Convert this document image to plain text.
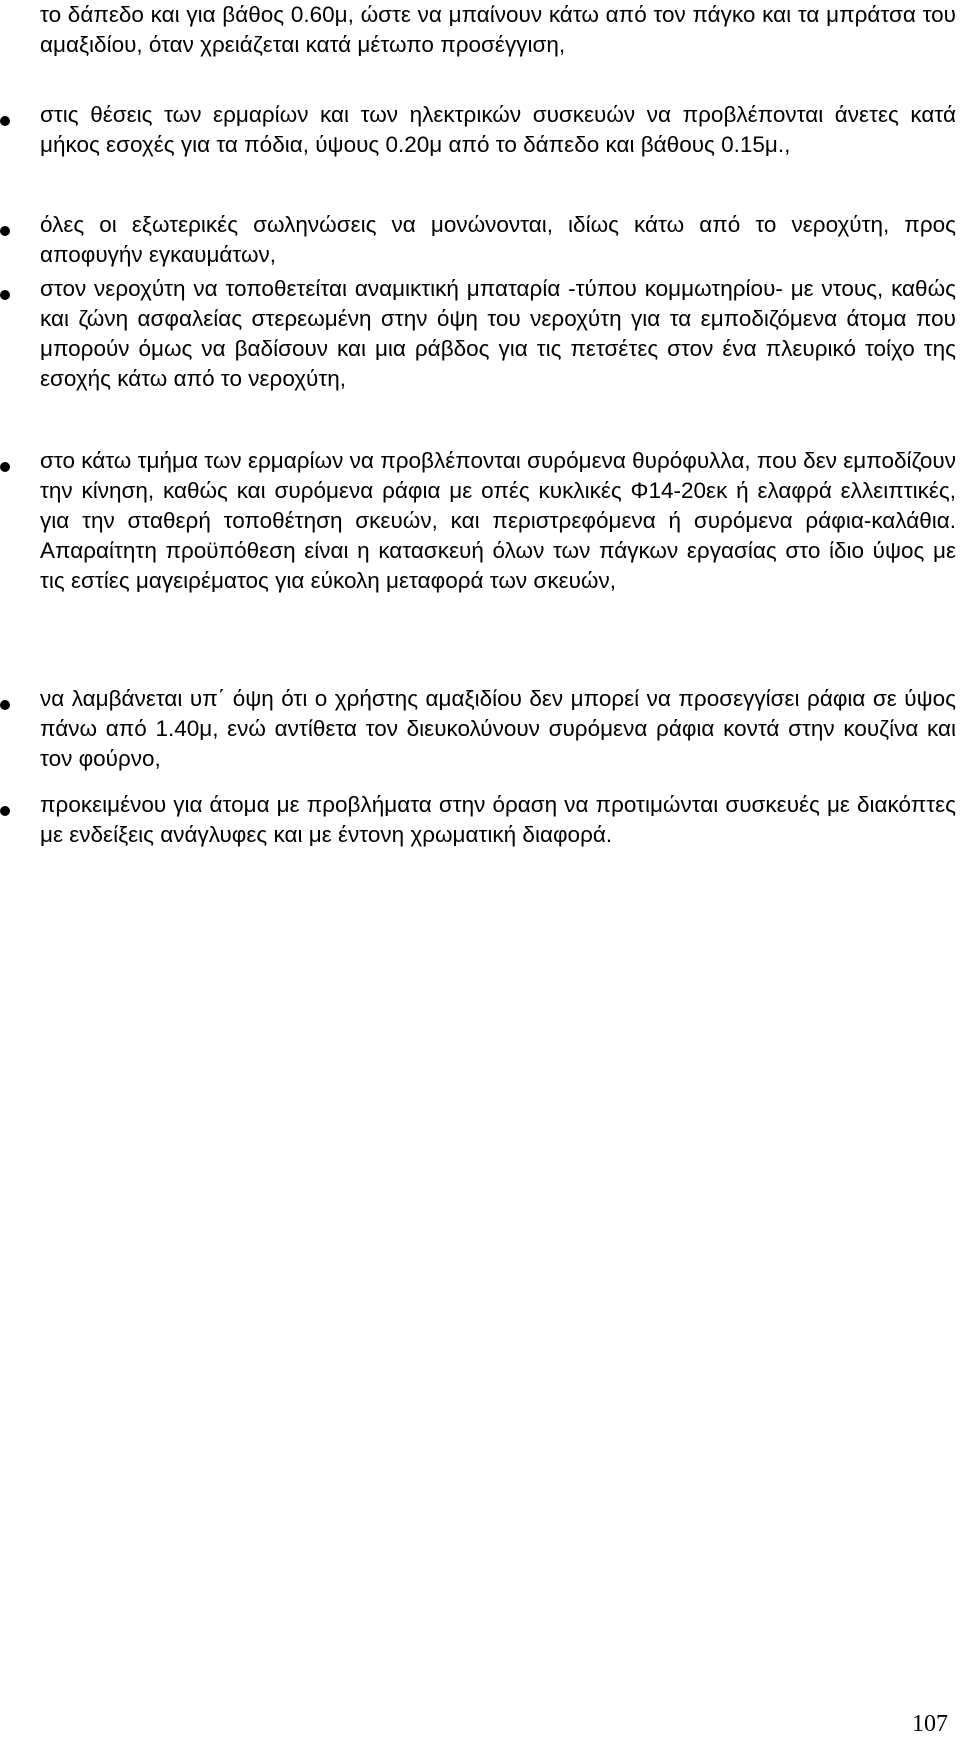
το δάπεδο και για βάθος 0.60μ, ώστε να μπαίνουν κάτω από τον πάγκο και τα μπράτσα του αμαξιδίου, όταν χρειάζεται κατά μέτωπο προσέγγιση,

στις θέσεις των ερμαρίων και των ηλεκτρικών συσκευών να προβλέπονται άνετες κατά μήκος εσοχές για τα πόδια, ύψους 0.20μ από το δάπεδο και βάθους 0.15μ.,

όλες οι εξωτερικές σωληνώσεις να μονώνονται, ιδίως κάτω από το νεροχύτη, προς αποφυγήν εγκαυμάτων,

στον νεροχύτη να τοποθετείται αναμικτική μπαταρία -τύπου κομμωτηρίου- με ντους, καθώς και ζώνη ασφαλείας στερεωμένη στην όψη του νεροχύτη για τα εμποδιζόμενα άτομα που μπορούν όμως να βαδίσουν και μια ράβδος για τις πετσέτες στον ένα πλευρικό τοίχο της εσοχής κάτω από το νεροχύτη,

στο κάτω τμήμα των ερμαρίων να προβλέπονται συρόμενα θυρόφυλλα, που δεν εμποδίζουν την κίνηση, καθώς και συρόμενα ράφια με οπές κυκλικές Φ14-20εκ ή ελαφρά ελλειπτικές, για την σταθερή τοποθέτηση σκευών, και περιστρεφόμενα ή συρόμενα ράφια-καλάθια. Απαραίτητη προϋπόθεση είναι η κατασκευή όλων των πάγκων εργασίας στο ίδιο ύψος με τις εστίες μαγειρέματος για εύκολη μεταφορά των σκευών,

να λαμβάνεται υπ΄ όψη ότι ο χρήστης αμαξιδίου δεν μπορεί να προσεγγίσει ράφια σε ύψος πάνω από 1.40μ, ενώ αντίθετα τον διευκολύνουν συρόμενα ράφια κοντά στην κουζίνα και τον φούρνο,

προκειμένου για άτομα με προβλήματα στην όραση να προτιμώνται συσκευές με διακόπτες με ενδείξεις ανάγλυφες και με έντονη χρωματική διαφορά.

107
